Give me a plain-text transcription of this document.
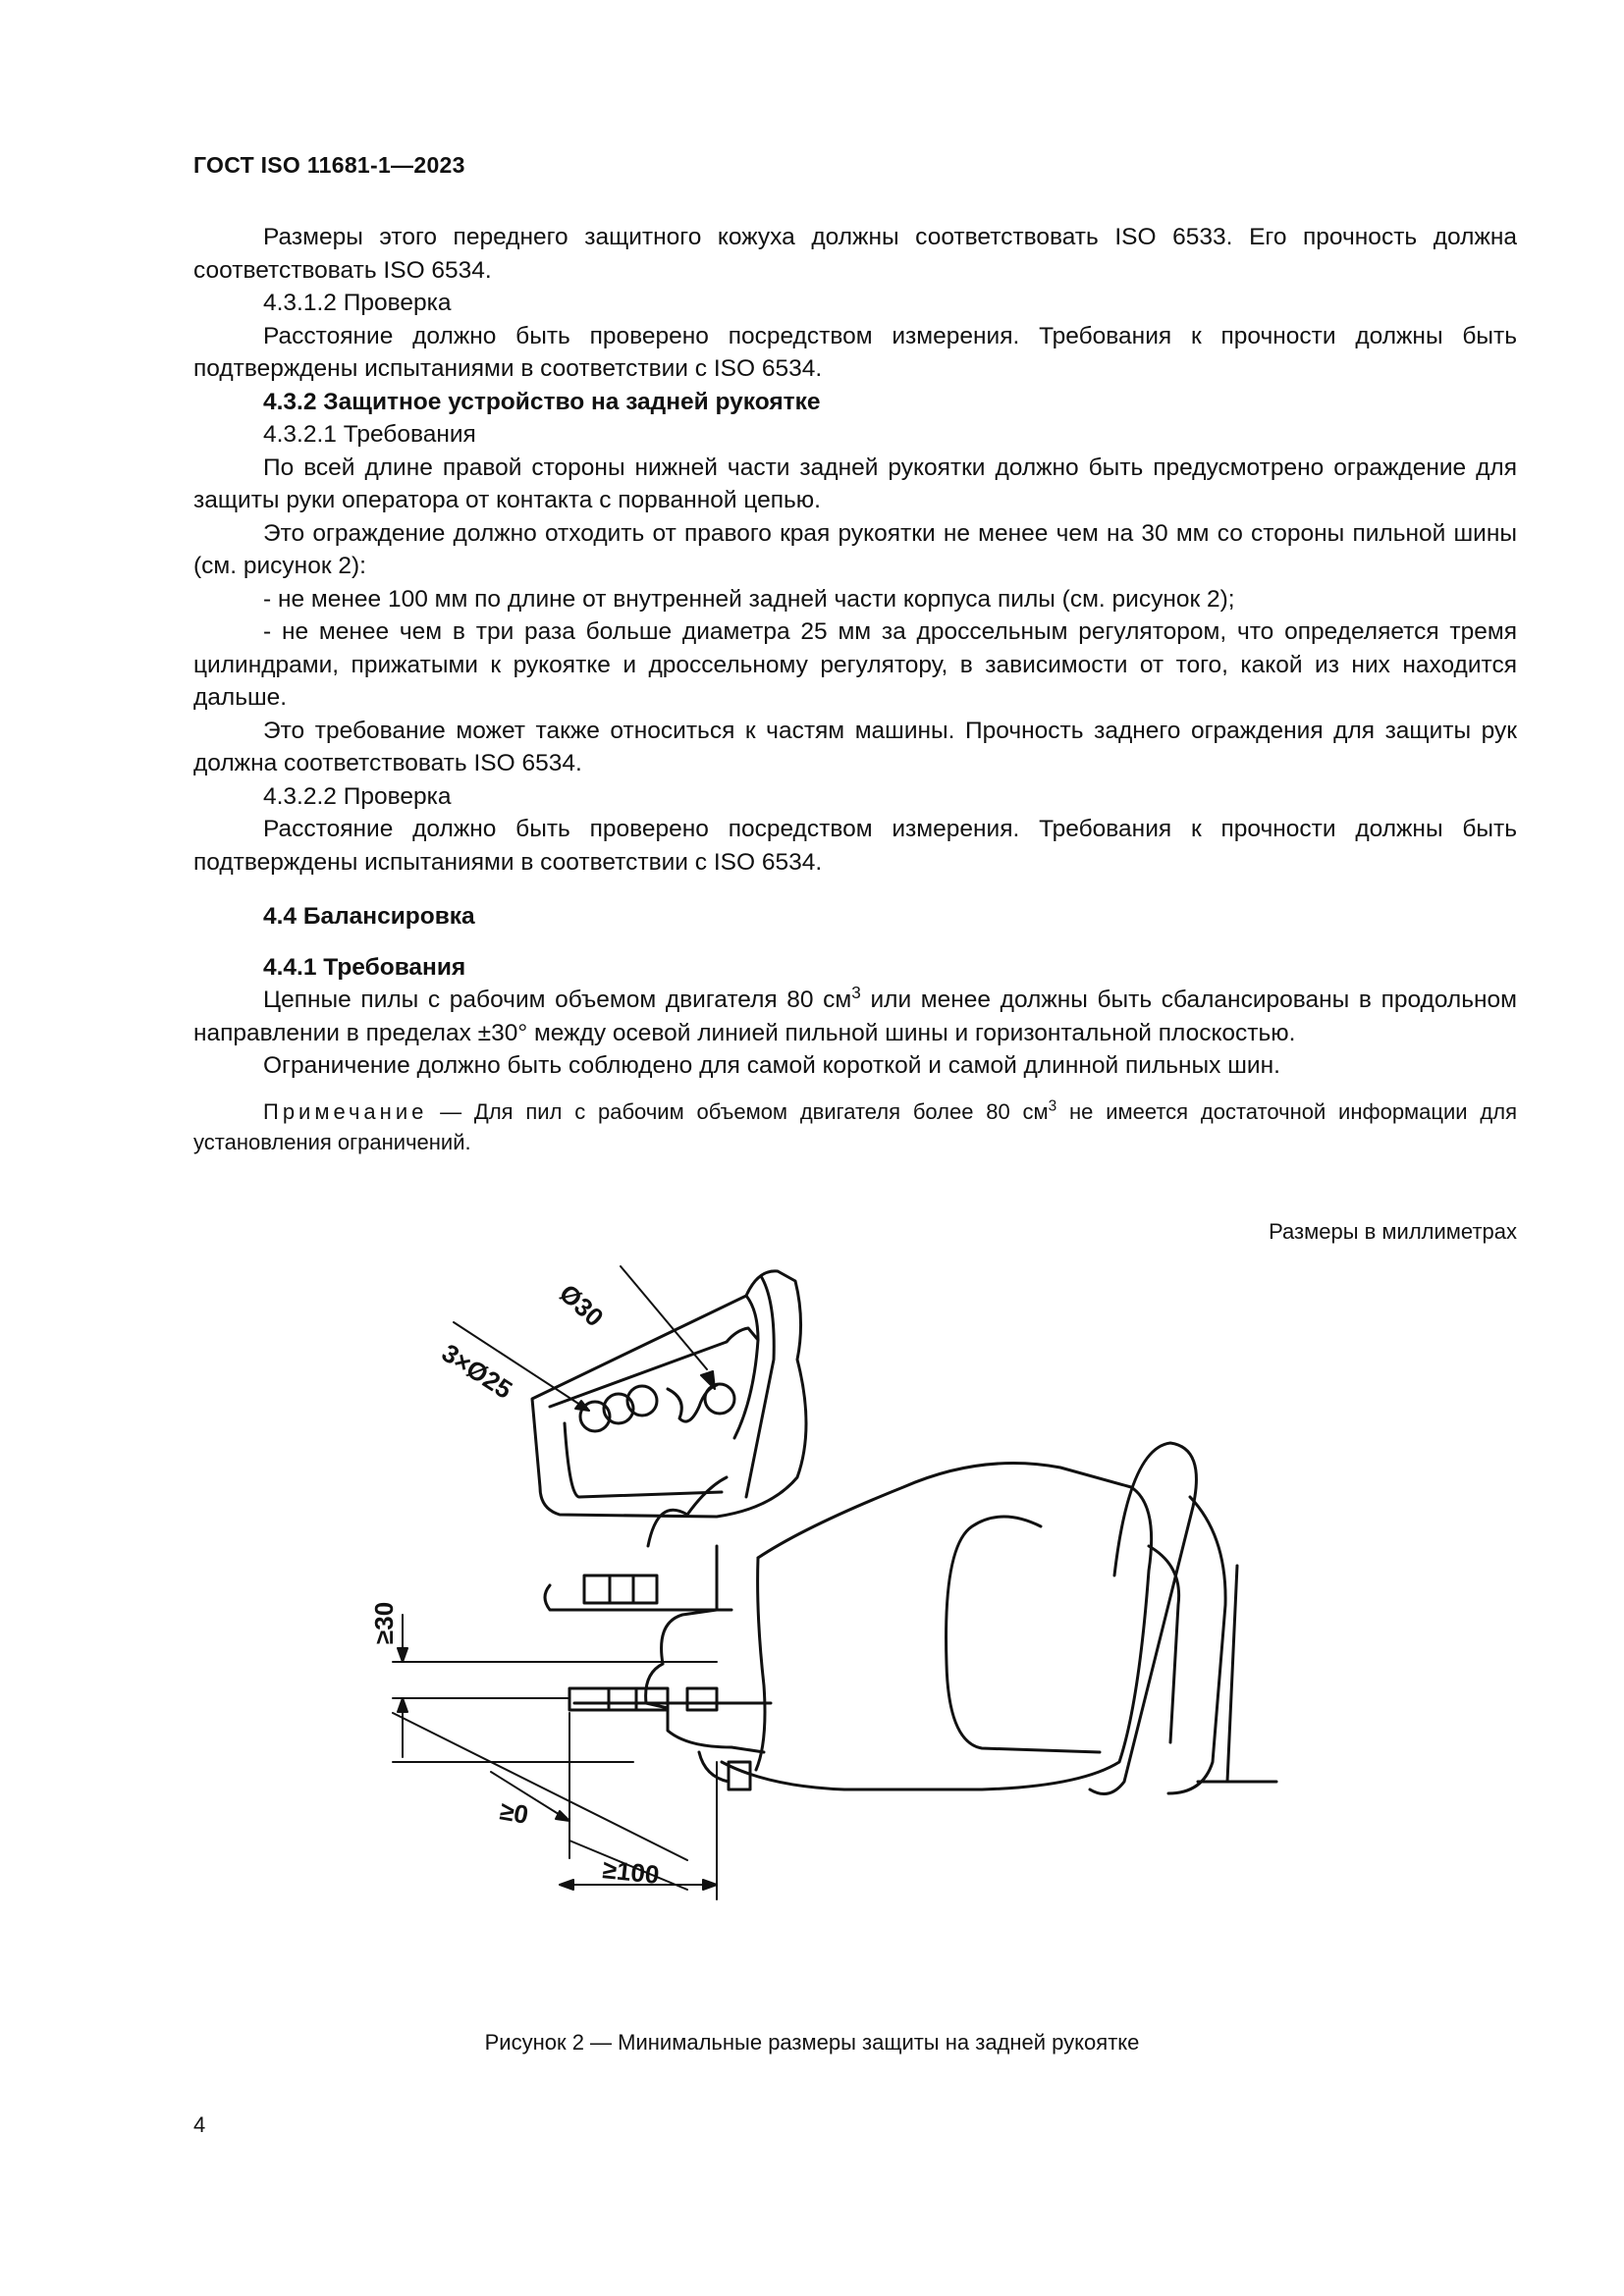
ГОСТ ISO 11681-1—2023

Размеры этого переднего защитного кожуха должны соответствовать ISO 6533. Его прочность должна соответствовать ISO 6534.

4.3.1.2 Проверка

Расстояние должно быть проверено посредством измерения. Требования к прочности должны быть подтверждены испытаниями в соответствии с ISO 6534.

4.3.2 Защитное устройство на задней рукоятке

4.3.2.1 Требования

По всей длине правой стороны нижней части задней рукоятки должно быть предусмотрено ограждение для защиты руки оператора от контакта с порванной цепью.

Это ограждение должно отходить от правого края рукоятки не менее чем на 30 мм со стороны пильной шины (см. рисунок 2):

- не менее 100 мм по длине от внутренней задней части корпуса пилы (см. рисунок 2);

- не менее чем в три раза больше диаметра 25 мм за дроссельным регулятором, что определяется тремя цилиндрами, прижатыми к рукоятке и дроссельному регулятору, в зависимости от того, какой из них находится дальше.

Это требование может также относиться к частям машины. Прочность заднего ограждения для защиты рук должна соответствовать ISO 6534.

4.3.2.2 Проверка

Расстояние должно быть проверено посредством измерения. Требования к прочности должны быть подтверждены испытаниями в соответствии с ISO 6534.

4.4 Балансировка

4.4.1 Требования

Цепные пилы с рабочим объемом двигателя 80 $см^3$ или менее должны быть сбалансированы в продольном направлении в пределах ±30° между осевой линией пильной шины и горизонтальной плоскостью.

Ограничение должно быть соблюдено для самой короткой и самой длинной пильных шин.

Примечание — Для пил с рабочим объемом двигателя более 80 $см^3$ не имеется достаточной информации для установления ограничений.

Размеры в миллиметрах
Ø30
3×Ø25
≥30
≥0
≥100
Рисунок 2 — Минимальные размеры защиты на задней рукоятке
4
